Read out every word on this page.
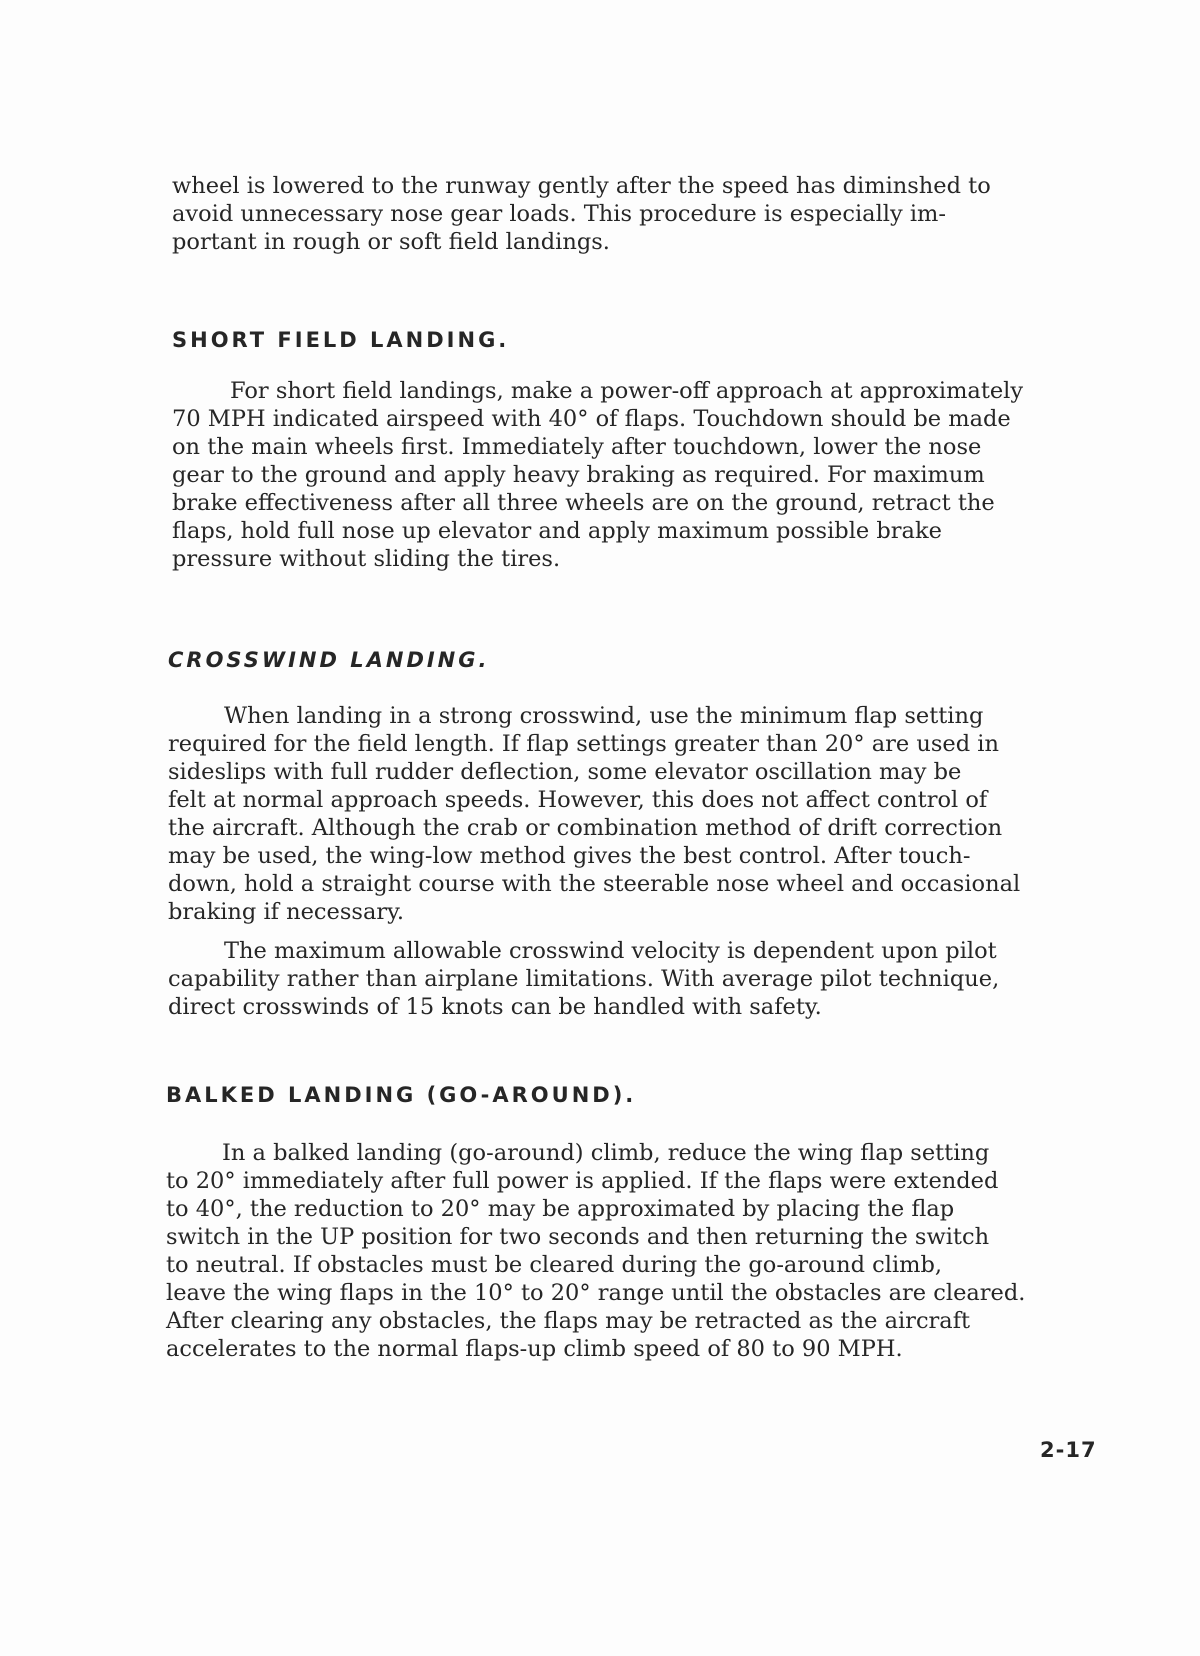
wheel is lowered to the runway gently after the speed has diminshed to
avoid unnecessary nose gear loads. This procedure is especially im-
portant in rough or soft field landings.

SHORT FIELD LANDING.

For short field landings, make a power-off approach at approximately
70 MPH indicated airspeed with 40° of flaps. Touchdown should be made
on the main wheels first. Immediately after touchdown, lower the nose
gear to the ground and apply heavy braking as required. For maximum
brake effectiveness after all three wheels are on the ground, retract the
flaps, hold full nose up elevator and apply maximum possible brake
pressure without sliding the tires.

CROSSWIND LANDING.

When landing in a strong crosswind, use the minimum flap setting
required for the field length. If flap settings greater than 20° are used in
sideslips with full rudder deflection, some elevator oscillation may be
felt at normal approach speeds. However, this does not affect control of
the aircraft. Although the crab or combination method of drift correction
may be used, the wing-low method gives the best control. After touch-
down, hold a straight course with the steerable nose wheel and occasional
braking if necessary.

The maximum allowable crosswind velocity is dependent upon pilot
capability rather than airplane limitations. With average pilot technique,
direct crosswinds of 15 knots can be handled with safety.

BALKED LANDING (GO-AROUND).

In a balked landing (go-around) climb, reduce the wing flap setting
to 20° immediately after full power is applied. If the flaps were extended
to 40°, the reduction to 20° may be approximated by placing the flap
switch in the UP position for two seconds and then returning the switch
to neutral. If obstacles must be cleared during the go-around climb,
leave the wing flaps in the 10° to 20° range until the obstacles are cleared.
After clearing any obstacles, the flaps may be retracted as the aircraft
accelerates to the normal flaps-up climb speed of 80 to 90 MPH.

2-17
